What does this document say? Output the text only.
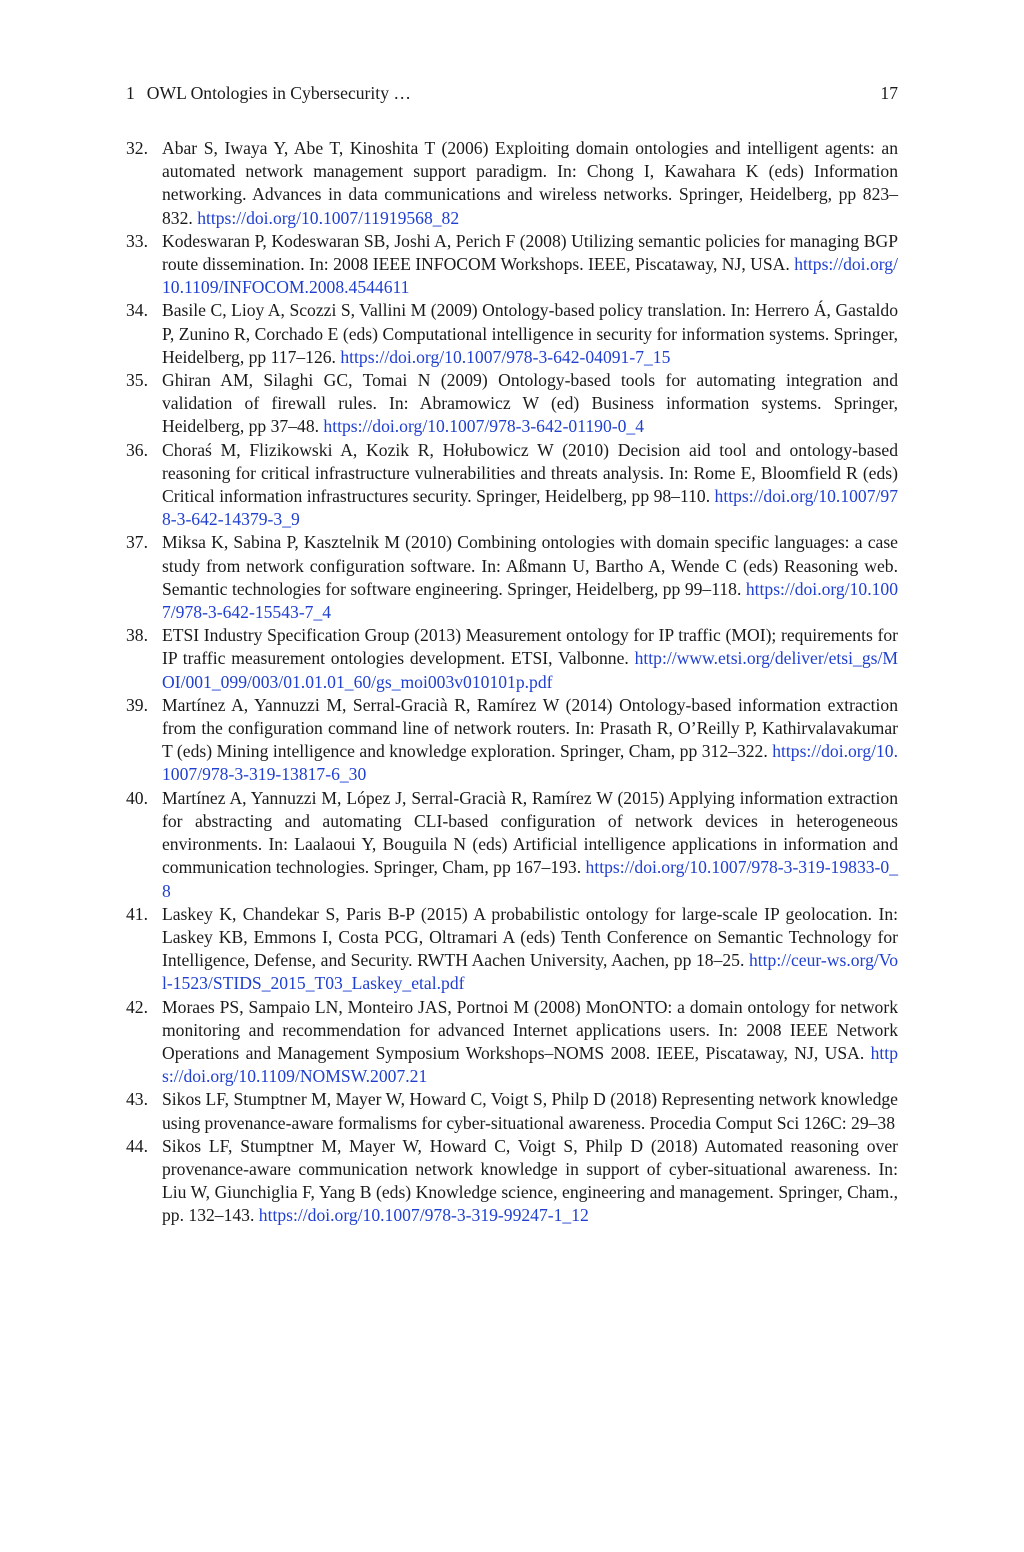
1 OWL Ontologies in Cybersecurity …	17
32. Abar S, Iwaya Y, Abe T, Kinoshita T (2006) Exploiting domain ontologies and intelligent agents: an automated network management support paradigm. In: Chong I, Kawahara K (eds) Information networking. Advances in data communications and wireless networks. Springer, Heidelberg, pp 823–832. https://doi.org/10.1007/11919568_82
33. Kodeswaran P, Kodeswaran SB, Joshi A, Perich F (2008) Utilizing semantic policies for managing BGP route dissemination. In: 2008 IEEE INFOCOM Workshops. IEEE, Piscataway, NJ, USA. https://doi.org/10.1109/INFOCOM.2008.4544611
34. Basile C, Lioy A, Scozzi S, Vallini M (2009) Ontology-based policy translation. In: Herrero Á, Gastaldo P, Zunino R, Corchado E (eds) Computational intelligence in security for information systems. Springer, Heidelberg, pp 117–126. https://doi.org/10.1007/978-3-642-04091-7_15
35. Ghiran AM, Silaghi GC, Tomai N (2009) Ontology-based tools for automating integration and validation of firewall rules. In: Abramowicz W (ed) Business information systems. Springer, Heidelberg, pp 37–48. https://doi.org/10.1007/978-3-642-01190-0_4
36. Choraś M, Flizikowski A, Kozik R, Hołubowicz W (2010) Decision aid tool and ontology-based reasoning for critical infrastructure vulnerabilities and threats analysis. In: Rome E, Bloomfield R (eds) Critical information infrastructures security. Springer, Heidelberg, pp 98–110. https://doi.org/10.1007/978-3-642-14379-3_9
37. Miksa K, Sabina P, Kasztelnik M (2010) Combining ontologies with domain specific languages: a case study from network configuration software. In: Aßmann U, Bartho A, Wende C (eds) Reasoning web. Semantic technologies for software engineering. Springer, Heidelberg, pp 99–118. https://doi.org/10.1007/978-3-642-15543-7_4
38. ETSI Industry Specification Group (2013) Measurement ontology for IP traffic (MOI); requirements for IP traffic measurement ontologies development. ETSI, Valbonne. http://www.etsi.org/deliver/etsi_gs/MOI/001_099/003/01.01.01_60/gs_moi003v010101p.pdf
39. Martínez A, Yannuzzi M, Serral-Gracià R, Ramírez W (2014) Ontology-based information extraction from the configuration command line of network routers. In: Prasath R, O’Reilly P, Kathirvalavakumar T (eds) Mining intelligence and knowledge exploration. Springer, Cham, pp 312–322. https://doi.org/10.1007/978-3-319-13817-6_30
40. Martínez A, Yannuzzi M, López J, Serral-Gracià R, Ramírez W (2015) Applying information extraction for abstracting and automating CLI-based configuration of network devices in heterogeneous environments. In: Laalaoui Y, Bouguila N (eds) Artificial intelligence applications in information and communication technologies. Springer, Cham, pp 167–193. https://doi.org/10.1007/978-3-319-19833-0_8
41. Laskey K, Chandekar S, Paris B-P (2015) A probabilistic ontology for large-scale IP geolocation. In: Laskey KB, Emmons I, Costa PCG, Oltramari A (eds) Tenth Conference on Semantic Technology for Intelligence, Defense, and Security. RWTH Aachen University, Aachen, pp 18–25. http://ceur-ws.org/Vol-1523/STIDS_2015_T03_Laskey_etal.pdf
42. Moraes PS, Sampaio LN, Monteiro JAS, Portnoi M (2008) MonONTO: a domain ontology for network monitoring and recommendation for advanced Internet applications users. In: 2008 IEEE Network Operations and Management Symposium Workshops–NOMS 2008. IEEE, Piscataway, NJ, USA. https://doi.org/10.1109/NOMSW.2007.21
43. Sikos LF, Stumptner M, Mayer W, Howard C, Voigt S, Philp D (2018) Representing network knowledge using provenance-aware formalisms for cyber-situational awareness. Procedia Comput Sci 126C: 29–38
44. Sikos LF, Stumptner M, Mayer W, Howard C, Voigt S, Philp D (2018) Automated reasoning over provenance-aware communication network knowledge in support of cyber-situational awareness. In: Liu W, Giunchiglia F, Yang B (eds) Knowledge science, engineering and management. Springer, Cham., pp. 132–143. https://doi.org/10.1007/978-3-319-99247-1_12
